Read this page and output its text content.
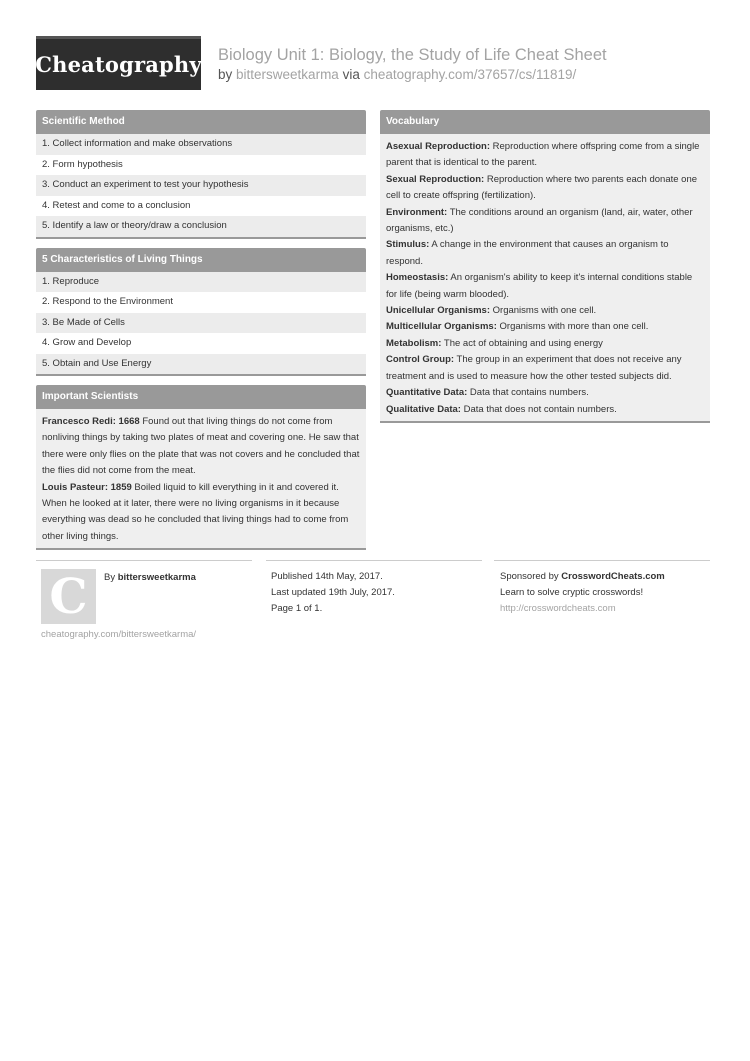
Cheatography Biology Unit 1: Biology, the Study of Life Cheat Sheet
by bittersweetkarma via cheatography.com/37657/cs/11819/
Scientific Method
1. Collect information and make observations
2. Form hypothesis
3. Conduct an experiment to test your hypothesis
4. Retest and come to a conclusion
5. Identify a law or theory/draw a conclusion
5 Characteristics of Living Things
1. Reproduce
2. Respond to the Environment
3. Be Made of Cells
4. Grow and Develop
5. Obtain and Use Energy
Important Scientists
Francesco Redi: 1668 Found out that living things do not come from nonliving things by taking two plates of meat and covering one. He saw that there were only flies on the plate that was not covers and he concluded that the flies did not come from the meat.
Louis Pasteur: 1859 Boiled liquid to kill everything in it and covered it. When he looked at it later, there were no living organisms in it because everything was dead so he concluded that living things had to come from other living things.
Vocabulary
Asexual Reproduction: Reproduction where offspring come from a single parent that is identical to the parent.
Sexual Reproduction: Reproduction where two parents each donate one cell to create offspring (fertilization).
Environment: The conditions around an organism (land, air, water, other organisms, etc.)
Stimulus: A change in the environment that causes an organism to respond.
Homeostasis: An organism's ability to keep it's internal conditions stable for life (being warm blooded).
Unicellular Organisms: Organisms with one cell.
Multicellular Organisms: Organisms with more than one cell.
Metabolism: The act of obtaining and using energy
Control Group: The group in an experiment that does not receive any treatment and is used to measure how the other tested subjects did.
Quantitative Data: Data that contains numbers.
Qualitative Data: Data that does not contain numbers.
C	By bittersweetkarma
cheatography.com/bittersweetkarma/
Published 14th May, 2017.
Last updated 19th July, 2017.
Page 1 of 1.
Sponsored by CrosswordCheats.com
Learn to solve cryptic crosswords!
http://crosswordcheats.com
